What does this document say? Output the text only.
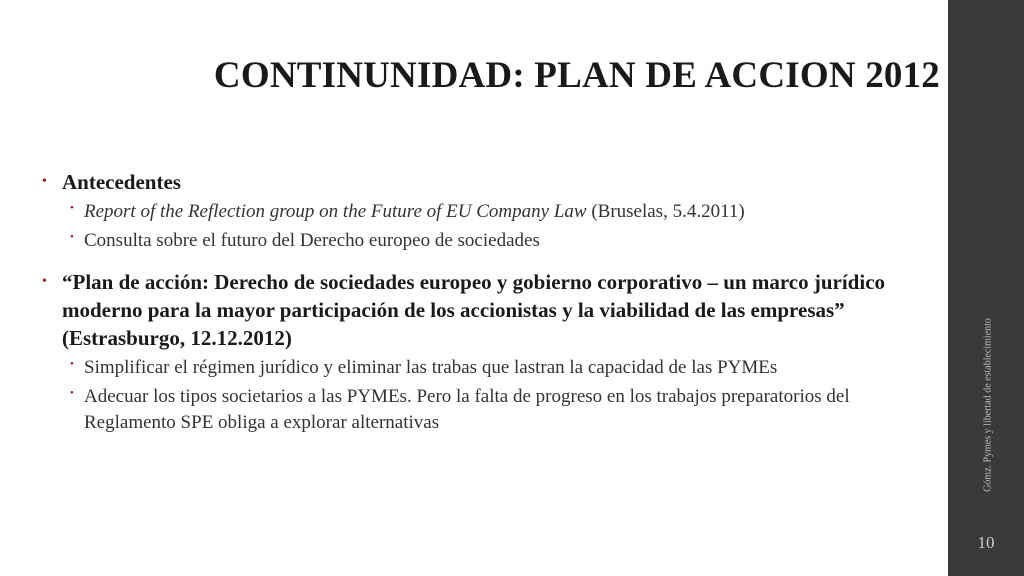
CONTINUNIDAD: PLAN DE ACCION 2012
• Antecedentes
• Report of the Reflection group on the Future of EU Company Law (Bruselas, 5.4.2011)
• Consulta sobre el futuro del Derecho europeo de sociedades
• “Plan de acción: Derecho de sociedades europeo y gobierno corporativo – un marco jurídico moderno para la mayor participación de los accionistas y la viabilidad de las empresas” (Estrasburgo, 12.12.2012)
• Simplificar el régimen jurídico y eliminar las trabas que lastran la capacidad de las PYMEs
• Adecuar los tipos societarios a las PYMEs. Pero la falta de progreso en los trabajos preparatorios del Reglamento SPE obliga a explorar alternativas	Gómz. Pymes y libertad de establecimiento
10
